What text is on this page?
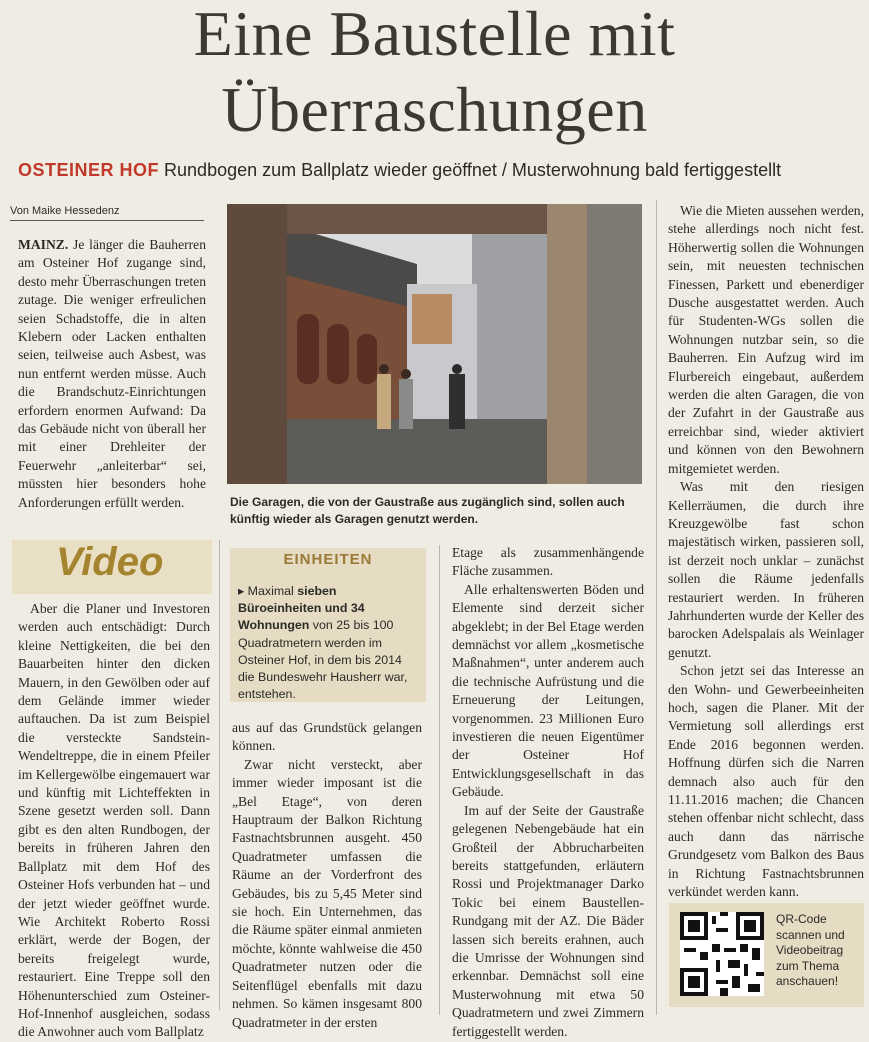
Eine Baustelle mit
Überraschungen
OSTEINER HOF Rundbogen zum Ballplatz wieder geöffnet / Musterwohnung bald fertiggestellt
Von Maike Hessedenz

MAINZ. Je länger die Bauherren am Osteiner Hof zugange sind, desto mehr Überraschungen treten zutage. Die weniger erfreulichen seien Schadstoffe, die in alten Klebern oder Lacken enthalten seien, teilweise auch Asbest, was nun entfernt werden müsse. Auch die Brandschutz-Einrichtungen erfordern enormen Aufwand: Da das Gebäude nicht von überall her mit einer Drehleiter der Feuerwehr „anleiterbar“ sei, müssten hier besonders hohe Anforderungen erfüllt werden.	Die Garagen, die von der Gaustraße aus zugänglich sind, sollen auch künftig wieder als Garagen genutzt werden.
Video

Aber die Planer und Investoren werden auch entschädigt: Durch kleine Nettigkeiten, die bei den Bauarbeiten hinter den dicken Mauern, in den Gewölben oder auf dem Gelände immer wieder auftauchen. Da ist zum Beispiel die versteckte Sandstein-Wendeltreppe, die in einem Pfeiler im Kellergewölbe eingemauert war und künftig mit Lichteffekten in Szene gesetzt werden soll. Dann gibt es den alten Rundbogen, der bereits in früheren Jahren den Ballplatz mit dem Hof des Osteiner Hofs verbunden hat – und der jetzt wieder geöffnet wurde. Wie Architekt Roberto Rossi erklärt, werde der Bogen, der bereits freigelegt wurde, restauriert. Eine Treppe soll den Höhenunterschied zum Osteiner-Hof-Innenhof ausgleichen, sodass die Anwohner auch vom Ballplatz

EINHEITEN
▸ Maximal sieben Büroeinheiten und 34 Wohnungen von 25 bis 100 Quadratmetern werden im Osteiner Hof, in dem bis 2014 die Bundeswehr Hausherr war, entstehen.

aus auf das Grundstück gelangen können.

Zwar nicht versteckt, aber immer wieder imposant ist die „Bel Etage“, von deren Hauptraum der Balkon Richtung Fastnachtsbrunnen ausgeht. 450 Quadratmeter umfassen die Räume an der Vorderfront des Gebäudes, bis zu 5,45 Meter sind sie hoch. Ein Unternehmen, das die Räume später einmal anmieten möchte, könnte wahlweise die 450 Quadratmeter nutzen oder die Seitenflügel ebenfalls mit dazu nehmen. So kämen insgesamt 800 Quadratmeter in der ersten

Etage als zusammenhängende Fläche zusammen.

Alle erhaltenswerten Böden und Elemente sind derzeit sicher abgeklebt; in der Bel Etage werden demnächst vor allem „kosmetische Maßnahmen“, unter anderem auch die technische Aufrüstung und die Erneuerung der Leitungen, vorgenommen. 23 Millionen Euro investieren die neuen Eigentümer der Osteiner Hof Entwicklungsgesellschaft in das Gebäude.

Im auf der Seite der Gaustraße gelegenen Nebengebäude hat ein Großteil der Abbrucharbeiten bereits stattgefunden, erläutern Rossi und Projektmanager Darko Tokic bei einem Baustellen-Rundgang mit der AZ. Die Bäder lassen sich bereits erahnen, auch die Umrisse der Wohnungen sind erkennbar. Demnächst soll eine Musterwohnung mit etwa 50 Quadratmetern und zwei Zimmern fertiggestellt werden.

Wie die Mieten aussehen werden, stehe allerdings noch nicht fest. Höherwertig sollen die Wohnungen sein, mit neuesten technischen Finessen, Parkett und ebenerdiger Dusche ausgestattet werden. Auch für Studenten-WGs sollen die Wohnungen nutzbar sein, so die Bauherren. Ein Aufzug wird im Flurbereich eingebaut, außerdem werden die alten Garagen, die von der Zufahrt in der Gaustraße aus erreichbar sind, wieder aktiviert und können von den Bewohnern mitgemietet werden.

Was mit den riesigen Kellerräumen, die durch ihre Kreuzgewölbe fast schon majestätisch wirken, passieren soll, ist derzeit noch unklar – zunächst sollen die Räume jedenfalls restauriert werden. In früheren Jahrhunderten wurde der Keller des barocken Adelspalais als Weinlager genutzt.

Schon jetzt sei das Interesse an den Wohn- und Gewerbeeinheiten hoch, sagen die Planer. Mit der Vermietung soll allerdings erst Ende 2016 begonnen werden. Hoffnung dürfen sich die Narren demnach also auch für den 11.11.2016 machen; die Chancen stehen offenbar nicht schlecht, dass auch dann das närrische Grundgesetz vom Balkon des Baus in Richtung Fastnachtsbrunnen verkündet werden kann.

QR-Code scannen und Videobeitrag zum Thema anschauen!
